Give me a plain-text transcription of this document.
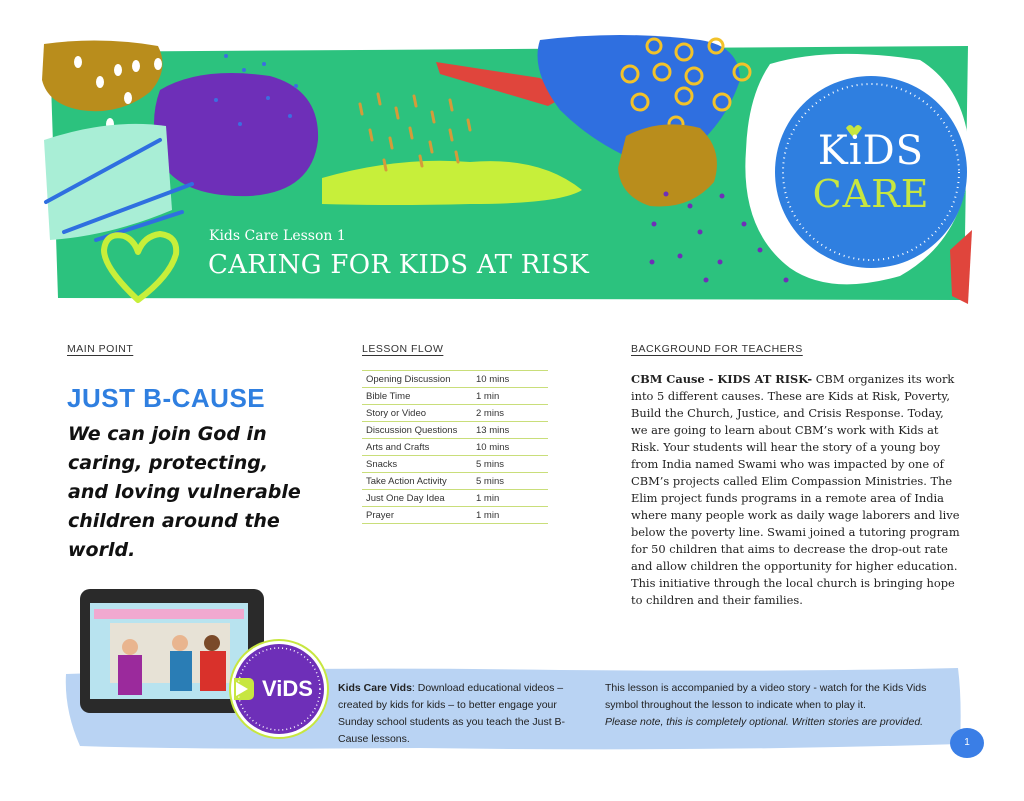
Kids Care Lesson 1
CARING FOR KIDS AT RISK
KiDS
CARE
MAIN POINT
JUST B-CAUSE
We can join God in caring, protecting, and loving vulnerable children around the world.
LESSON FLOW
Opening Discussion	10 mins
Bible Time	1 min
Story or Video	2 mins
Discussion Questions	13 mins
Arts and Crafts	10 mins
Snacks	5 mins
Take Action Activity	5 mins
Just One Day Idea	1 min
Prayer	1 min
BACKGROUND FOR TEACHERS
CBM Cause - KIDS AT RISK- CBM organizes its work into 5 different causes. These are Kids at Risk, Poverty, Build the Church, Justice, and Crisis Response. Today, we are going to learn about CBM’s work with Kids at Risk. Your students will hear the story of a young boy from India named Swami who was impacted by one of CBM’s projects called Elim Compassion Ministries. The Elim project funds programs in a remote area of India where many people work as daily wage laborers and live below the poverty line. Swami joined a tutoring program for 50 children that aims to decrease the drop-out rate and allow children the opportunity for higher education. This initiative through the local church is bringing hope to children and their families.
ViDS Kids Care Vids: Download educational videos – created by kids for kids – to better engage your Sunday school students as you teach the Just B-Cause lessons.
This lesson is accompanied by a video story - watch for the Kids Vids symbol throughout the lesson to indicate when to play it.
Please note, this is completely optional. Written stories are provided.
1
